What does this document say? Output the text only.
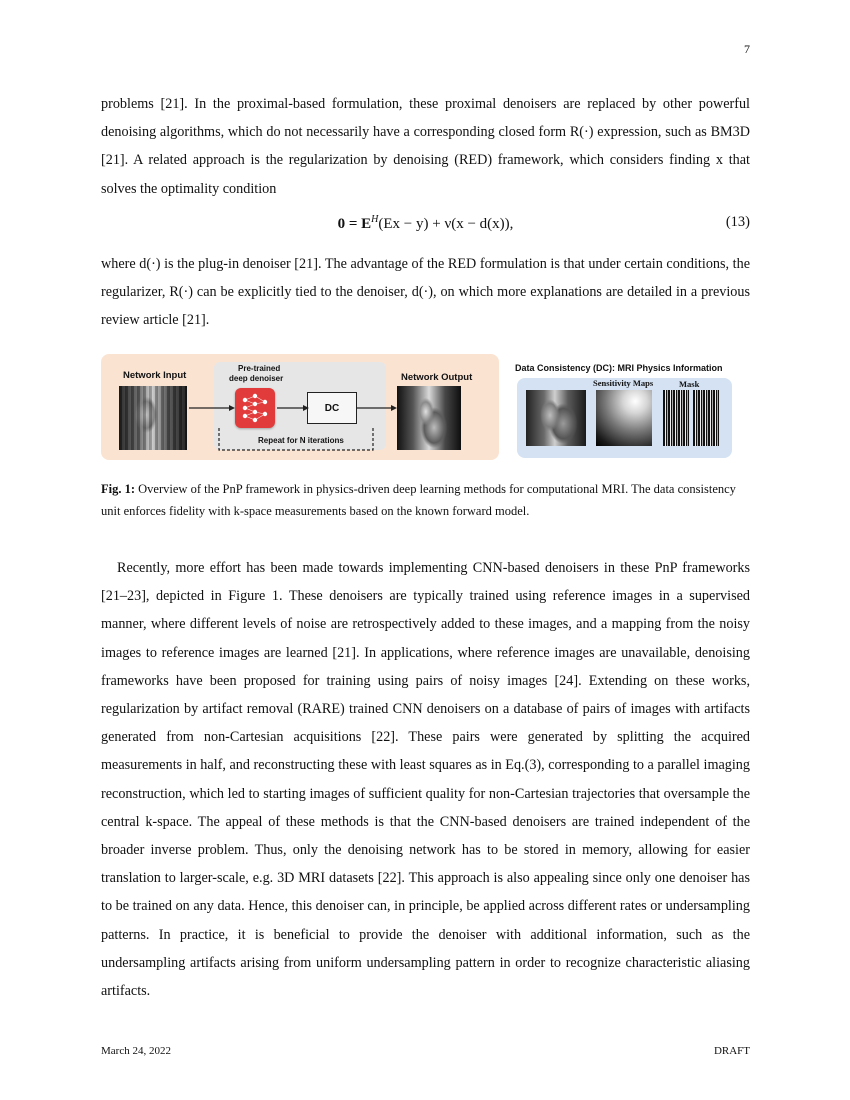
7

problems [21]. In the proximal-based formulation, these proximal denoisers are replaced by other powerful denoising algorithms, which do not necessarily have a corresponding closed form R(·) expression, such as BM3D [21]. A related approach is the regularization by denoising (RED) framework, which considers finding x that solves the optimality condition

$0 = E^H(Ex - y) + \nu(x - d(x))$,	(13)

where d(·) is the plug-in denoiser [21]. The advantage of the RED formulation is that under certain conditions, the regularizer, R(·) can be explicitly tied to the denoiser, d(·), on which more explanations are detailed in a previous review article [21].

Network Input
Pre-trained
deep denoiser
DC
Repeat for N iterations
Network Output
Data Consistency (DC): MRI Physics Information
Sensitivity Maps	Mask

Fig. 1: Overview of the PnP framework in physics-driven deep learning methods for computational MRI. The data consistency unit enforces fidelity with k-space measurements based on the known forward model.

Recently, more effort has been made towards implementing CNN-based denoisers in these PnP frameworks [21–23], depicted in Figure 1. These denoisers are typically trained using reference images in a supervised manner, where different levels of noise are retrospectively added to these images, and a mapping from the noisy images to reference images are learned [21]. In applications, where reference images are unavailable, denoising frameworks have been proposed for training using pairs of noisy images [24]. Extending on these works, regularization by artifact removal (RARE) trained CNN denoisers on a database of pairs of images with artifacts generated from non-Cartesian acquisitions [22]. These pairs were generated by splitting the acquired measurements in half, and reconstructing these with least squares as in Eq.(3), corresponding to a parallel imaging reconstruction, which led to starting images of sufficient quality for non-Cartesian trajectories that oversample the central k-space. The appeal of these methods is that the CNN-based denoisers are trained independent of the broader inverse problem. Thus, only the denoising network has to be stored in memory, allowing for easier translation to larger-scale, e.g. 3D MRI datasets [22]. This approach is also appealing since only one denoiser has to be trained on any data. Hence, this denoiser can, in principle, be applied across different rates or undersampling patterns. In practice, it is beneficial to provide the denoiser with additional information, such as the undersampling artifacts arising from uniform undersampling pattern in order to recognize characteristic aliasing artifacts.

March 24, 2022	DRAFT
